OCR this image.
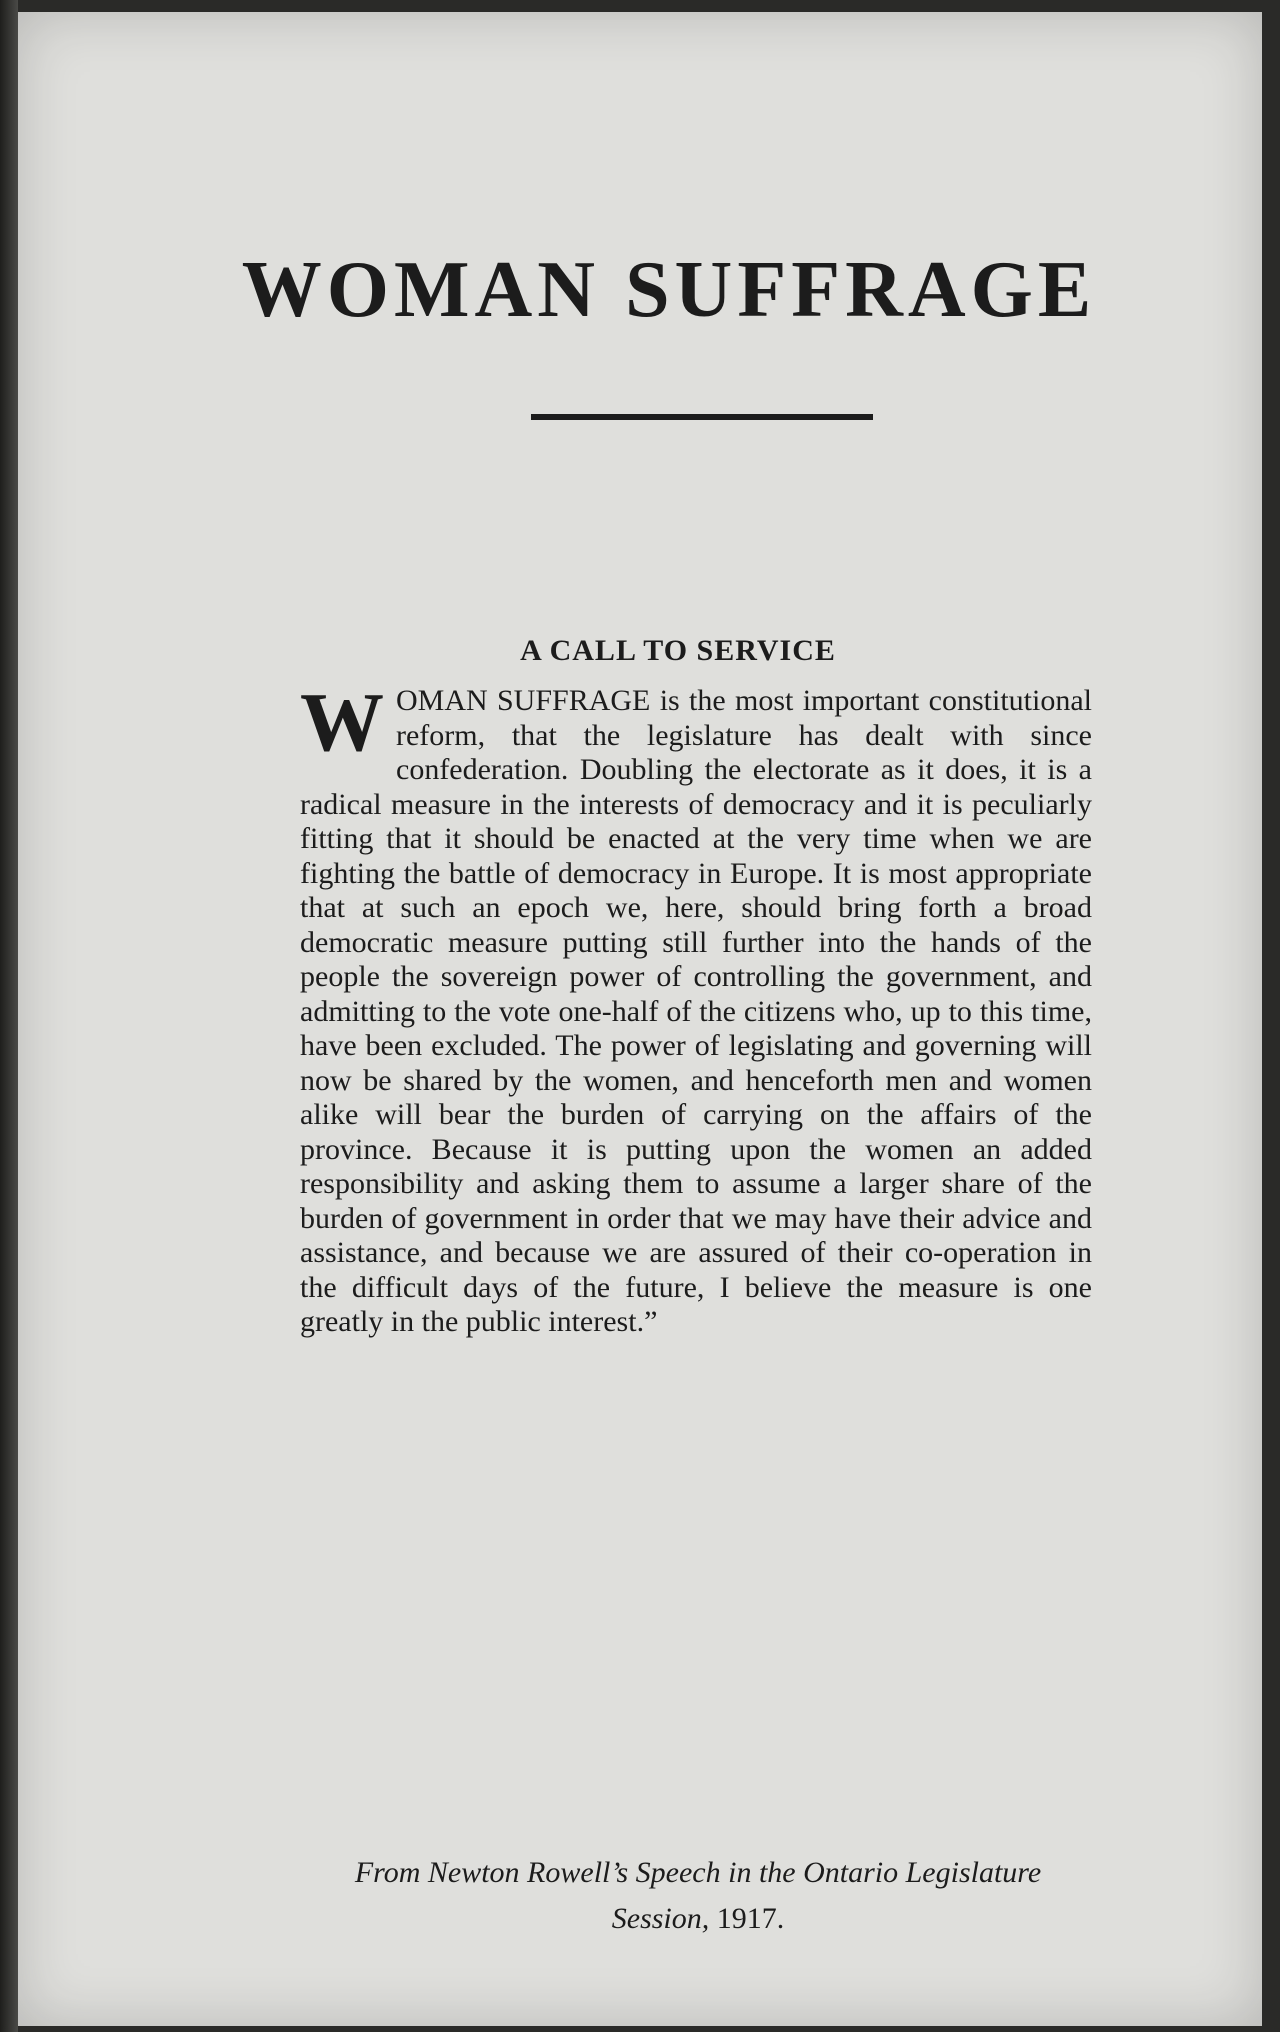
WOMAN SUFFRAGE
A CALL TO SERVICE

WOMAN SUFFRAGE is the most important constitutional reform, that the legislature has dealt with since confederation. Doubling the electorate as it does, it is a radical measure in the interests of democracy and it is peculiarly fitting that it should be enacted at the very time when we are fighting the battle of democracy in Europe. It is most appropriate that at such an epoch we, here, should bring forth a broad democratic measure putting still further into the hands of the people the sovereign power of controlling the government, and admitting to the vote one-half of the citizens who, up to this time, have been excluded. The power of legislating and governing will now be shared by the women, and henceforth men and women alike will bear the burden of carrying on the affairs of the province. Because it is putting upon the women an added responsibility and asking them to assume a larger share of the burden of government in order that we may have their advice and assistance, and because we are assured of their co-operation in the difficult days of the future, I believe the measure is one greatly in the public interest.”

From Newton Rowell’s Speech in the Ontario Legislature
Session, 1917.
